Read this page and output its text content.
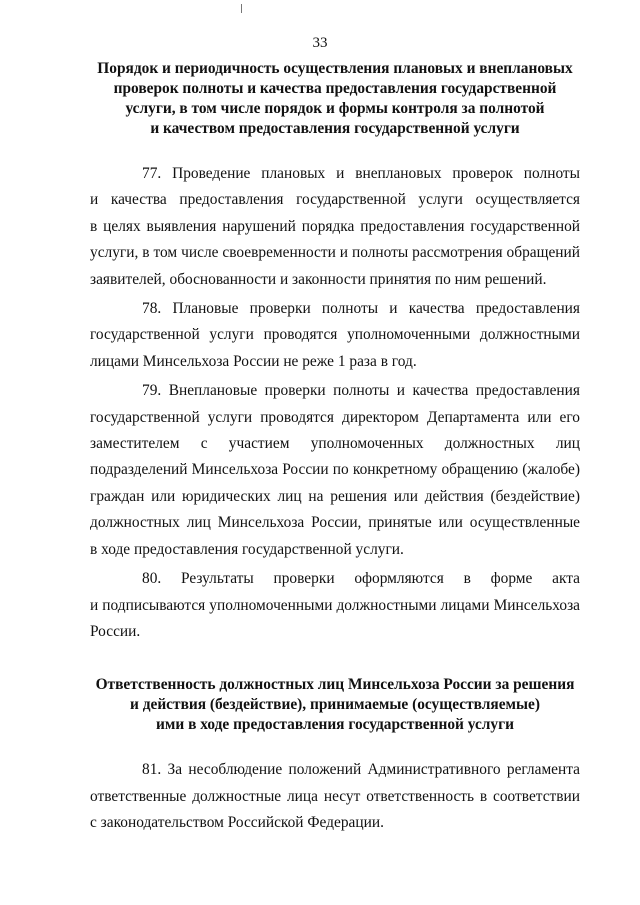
33
Порядок и периодичность осуществления плановых и внеплановых
проверок полноты и качества предоставления государственной
услуги, в том числе порядок и формы контроля за полнотой
и качеством предоставления государственной услуги
77. Проведение плановых и внеплановых проверок полноты
и качества предоставления государственной услуги осуществляется
в целях выявления нарушений порядка предоставления государственной
услуги, в том числе своевременности и полноты рассмотрения обращений
заявителей, обоснованности и законности принятия по ним решений.
78. Плановые проверки полноты и качества предоставления
государственной услуги проводятся уполномоченными должностными
лицами Минсельхоза России не реже 1 раза в год.
79. Внеплановые проверки полноты и качества предоставления
государственной услуги проводятся директором Департамента или его
заместителем с участием уполномоченных должностных лиц
подразделений Минсельхоза России по конкретному обращению (жалобе)
граждан или юридических лиц на решения или действия (бездействие)
должностных лиц Минсельхоза России, принятые или осуществленные
в ходе предоставления государственной услуги.
80. Результаты проверки оформляются в форме акта
и подписываются уполномоченными должностными лицами Минсельхоза
России.
Ответственность должностных лиц Минсельхоза России за решения
и действия (бездействие), принимаемые (осуществляемые)
ими в ходе предоставления государственной услуги
81. За несоблюдение положений Административного регламента
ответственные должностные лица несут ответственность в соответствии
с законодательством Российской Федерации.
